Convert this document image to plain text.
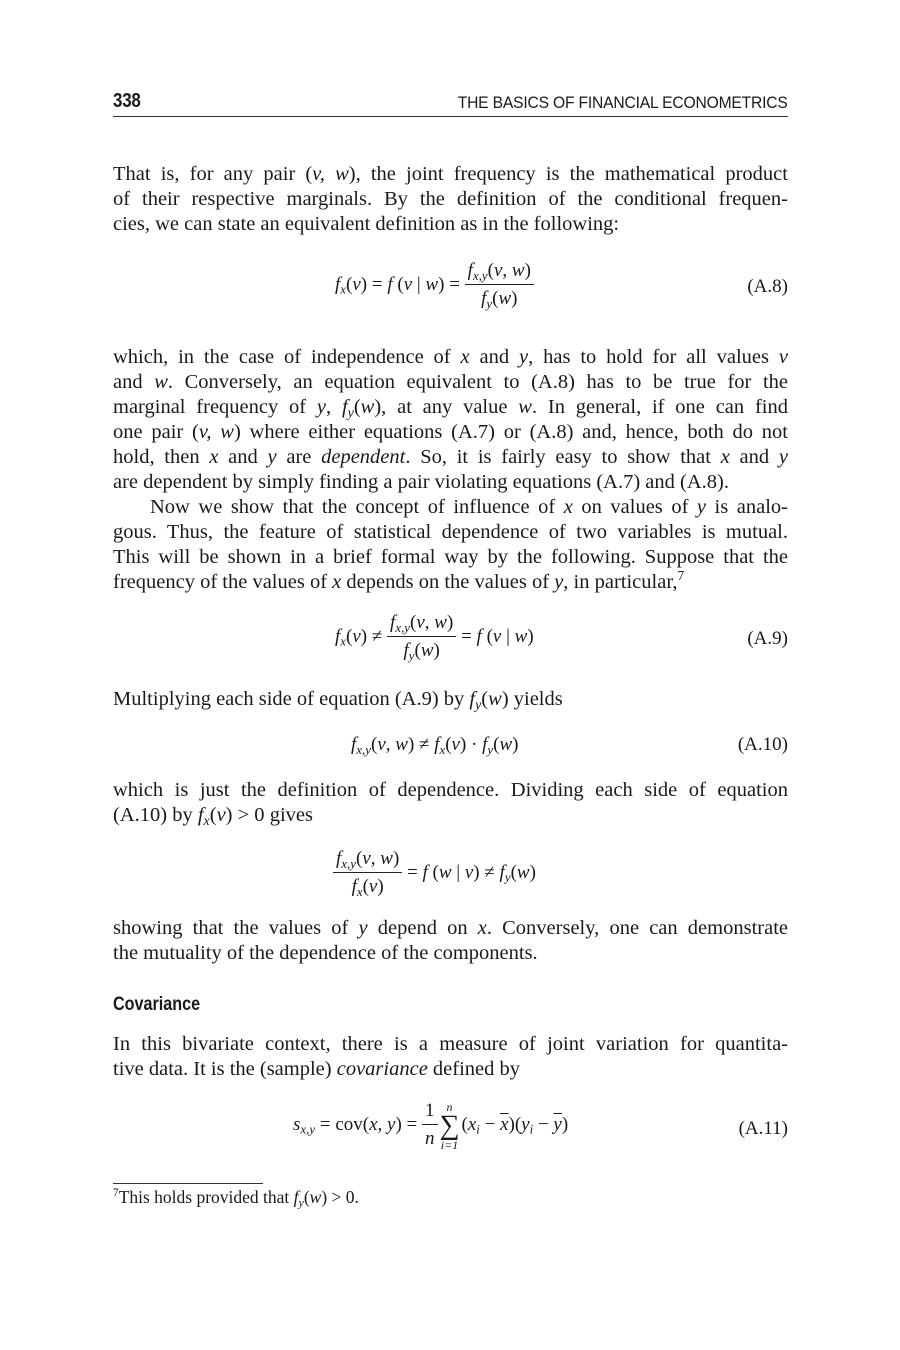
338	THE BASICS OF FINANCIAL ECONOMETRICS
That is, for any pair (v, w), the joint frequency is the mathematical product
of their respective marginals. By the definition of the conditional frequen-
cies, we can state an equivalent definition as in the following:
$f_x(v) = f$ (v | $w) = \frac{f_{x,y}(v, w)}{f_y(w)}$	(A.8)
which, in the case of independence of x and y, has to hold for all values v
and w. Conversely, an equation equivalent to (A.8) has to be true for the
marginal frequency of y, $f_y(w)$, at any value w. In general, if one can find
one pair (v, w) where either equations (A.7) or (A.8) and, hence, both do not
hold, then x and y are dependent. So, it is fairly easy to show that x and y
are dependent by simply finding a pair violating equations (A.7) and (A.8).
Now we show that the concept of influence of x on values of y is analo-
gous. Thus, the feature of statistical dependence of two variables is mutual.
This will be shown in a brief formal way by the following. Suppose that the
frequency of the values of x depends on the values of y, in particular,$^7$
$f_x(v) \ne \frac{f_{x,y}(v, w)}{f_y(w)} = f$ (v | w)	(A.9)
Multiplying each side of equation (A.9) by $f_y(w)$ yields
$f_{x,y}(v$, $w) \ne f_x(v) \cdot f_y(w)$	(A.10)
which is just the definition of dependence. Dividing each side of equation
(A.10) by $f_x(v) > 0$ gives
$\frac{f_{x,y}(v, w)}{f_x(v)} = f$ (w | $v) \ne f_y(w)$
showing that the values of y depend on x. Conversely, one can demonstrate
the mutuality of the dependence of the components.
Covariance
In this bivariate context, there is a measure of joint variation for quantita-
tive data. It is the (sample) covariance defined by
$s_{x,y} = cov(x$, $y) = \frac{1}{n}$ n
∑
i=1
$(x_i - \overline{x})(y_i - \overline{y})$	(A.11)
$^7$This holds provided that $f_y(w) > 0$.
